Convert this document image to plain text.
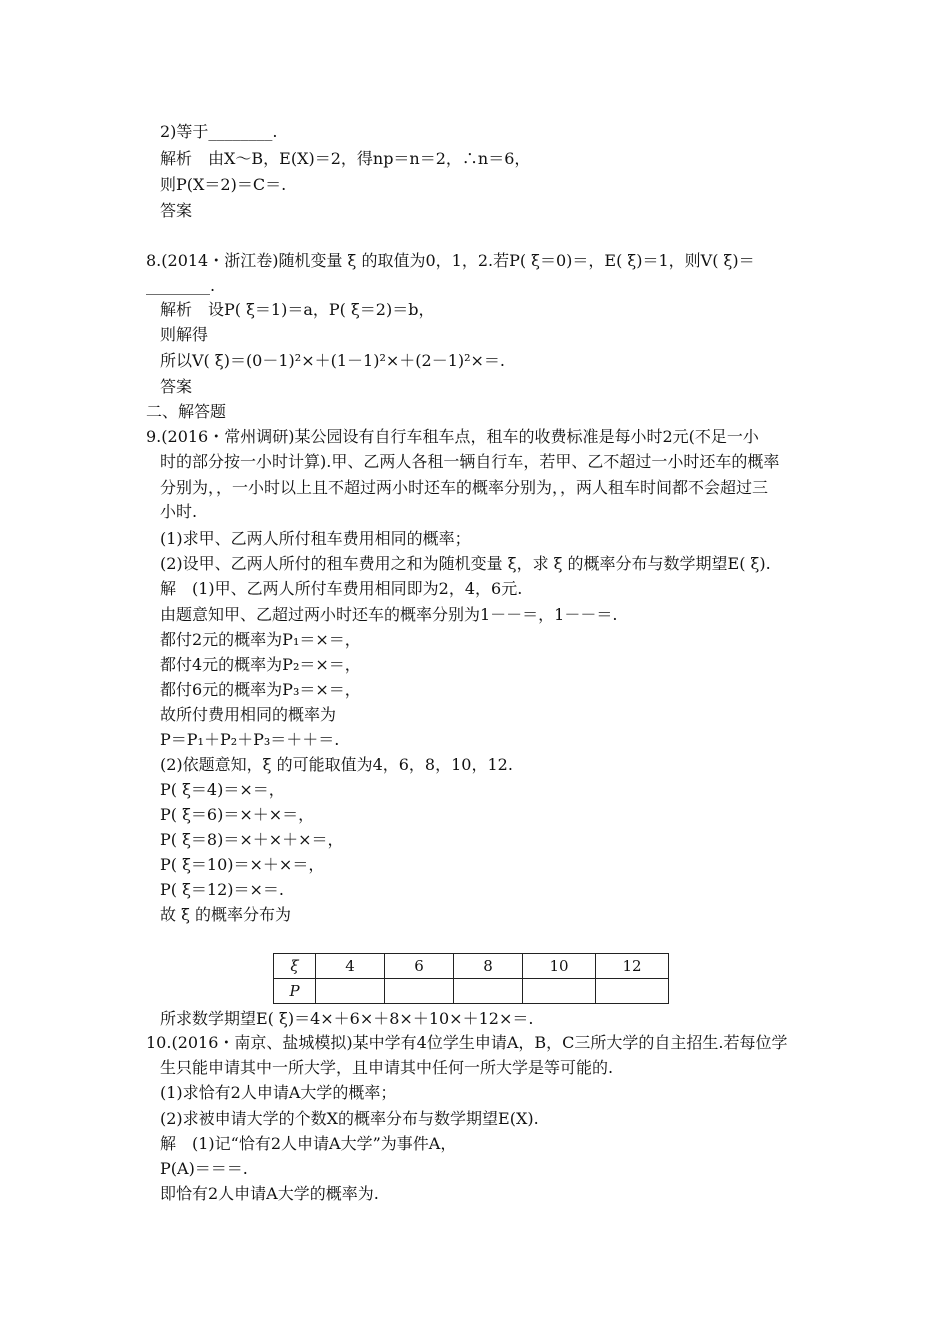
2)等于________.
解析　由X～B，E(X)＝2，得np＝n＝2，∴n＝6，
则P(X＝2)＝C＝.
答案
8.(2014・浙江卷)随机变量 ξ 的取值为0，1，2.若P( ξ＝0)＝，E( ξ)＝1，则V( ξ)＝
________.
解析　设P( ξ＝1)＝a，P( ξ＝2)＝b，
则解得
所以V( ξ)＝(0－1)²×＋(1－1)²×＋(2－1)²×＝.
答案
二、解答题
9.(2016・常州调研)某公园设有自行车租车点，租车的收费标准是每小时2元(不足一小
时的部分按一小时计算).甲、乙两人各租一辆自行车，若甲、乙不超过一小时还车的概率
分别为，，一小时以上且不超过两小时还车的概率分别为，，两人租车时间都不会超过三
小时.
(1)求甲、乙两人所付租车费用相同的概率；
(2)设甲、乙两人所付的租车费用之和为随机变量 ξ，求 ξ 的概率分布与数学期望E( ξ).
解　(1)甲、乙两人所付车费用相同即为2，4，6元.
由题意知甲、乙超过两小时还车的概率分别为1－－＝，1－－＝.
都付2元的概率为P₁＝×＝，
都付4元的概率为P₂＝×＝，
都付6元的概率为P₃＝×＝，
故所付费用相同的概率为
P＝P₁＋P₂＋P₃＝＋＋＝.
(2)依题意知，ξ 的可能取值为4，6，8，10，12.
P( ξ＝4)＝×＝，
P( ξ＝6)＝×＋×＝，
P( ξ＝8)＝×＋×＋×＝，
P( ξ＝10)＝×＋×＝，
P( ξ＝12)＝×＝.
故 ξ 的概率分布为
ξ	4	6	8	10	12
P					
所求数学期望E( ξ)＝4×＋6×＋8×＋10×＋12×＝.
10.(2016・南京、盐城模拟)某中学有4位学生申请A，B，C三所大学的自主招生.若每位学
生只能申请其中一所大学，且申请其中任何一所大学是等可能的.
(1)求恰有2人申请A大学的概率；
(2)求被申请大学的个数X的概率分布与数学期望E(X).
解　(1)记“恰有2人申请A大学”为事件A，
P(A)＝＝＝.
即恰有2人申请A大学的概率为.
